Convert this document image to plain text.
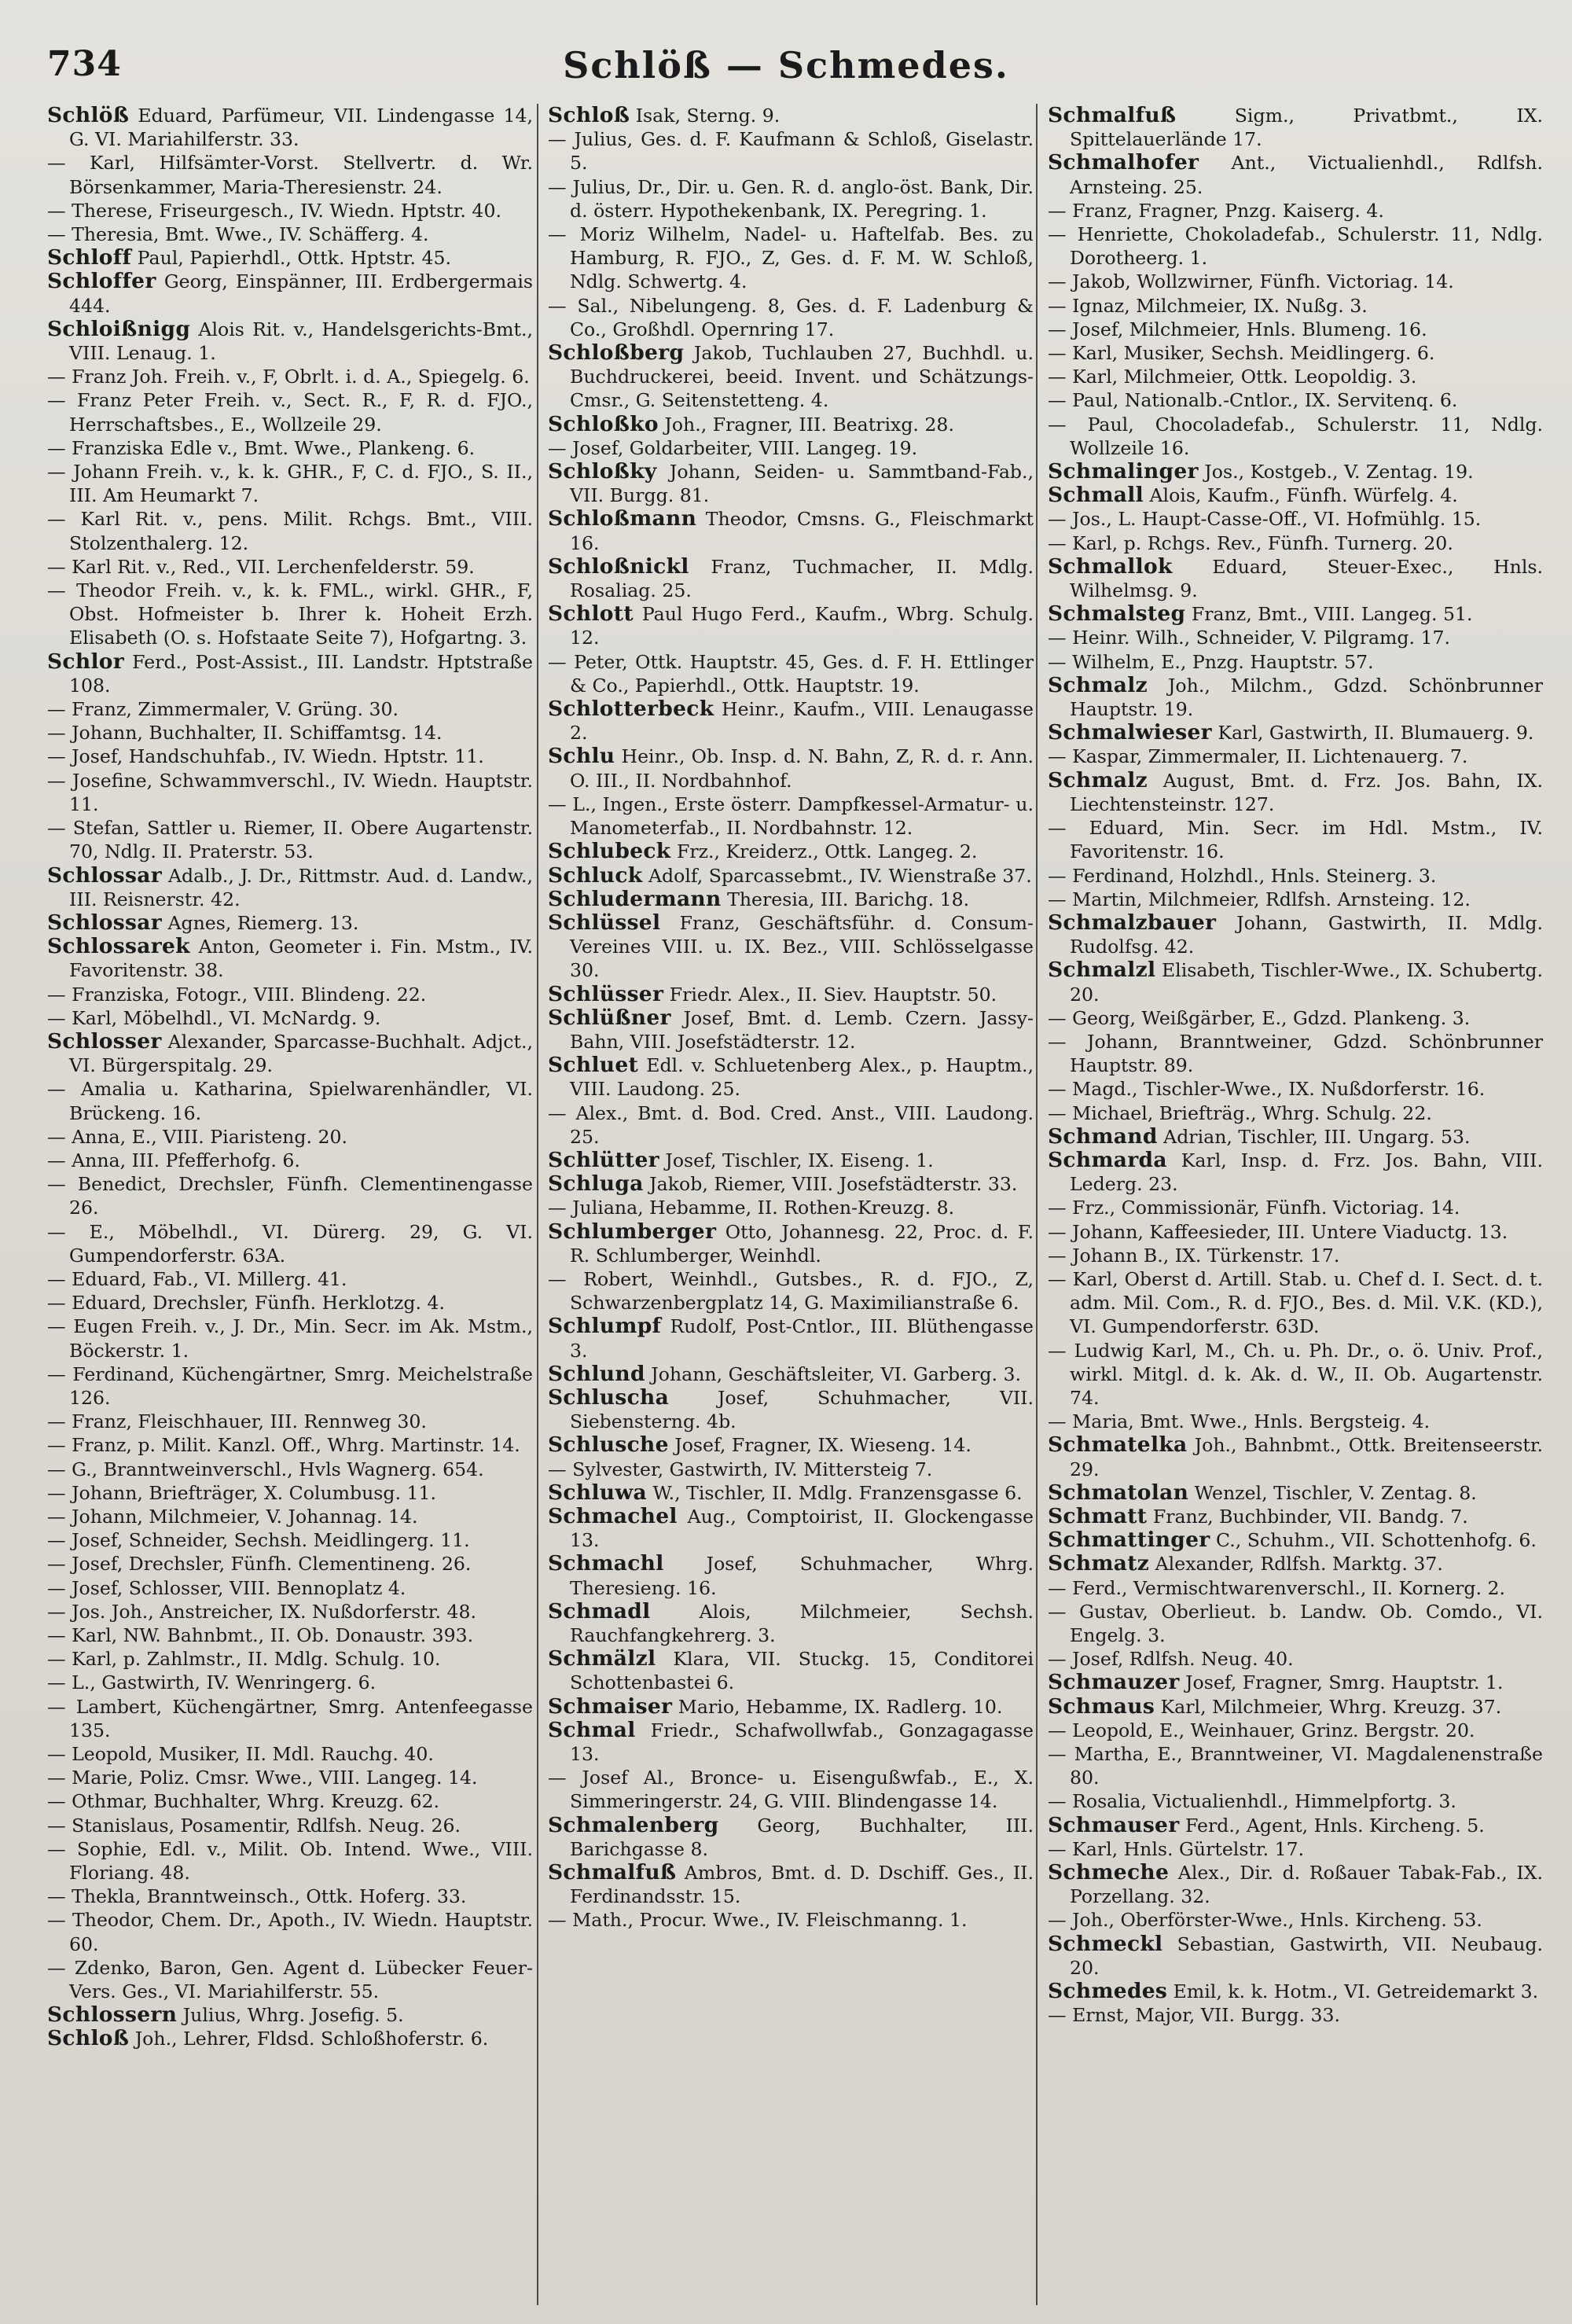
734	Schlöß — Schmedes.

Schlöß Eduard, Parfümeur, VII. Lindengasse 14, G. VI. Mariahilferstr. 33.

— Karl, Hilfsämter-Vorst. Stellvertr. d. Wr. Börsenkammer, Maria-Theresienstr. 24.

— Therese, Friseurgesch., IV. Wiedn. Hptstr. 40.

— Theresia, Bmt. Wwe., IV. Schäfferg. 4.

Schloff Paul, Papierhdl., Ottk. Hptstr. 45.

Schloffer Georg, Einspänner, III. Erdbergermais 444.

Schloißnigg Alois Rit. v., Handelsgerichts-Bmt., VIII. Lenaug. 1.

— Franz Joh. Freih. v., F, Obrlt. i. d. A., Spiegelg. 6.

— Franz Peter Freih. v., Sect. R., F, R. d. FJO., Herrschaftsbes., E., Wollzeile 29.

— Franziska Edle v., Bmt. Wwe., Plankeng. 6.

— Johann Freih. v., k. k. GHR., F, C. d. FJO., S. II., III. Am Heumarkt 7.

— Karl Rit. v., pens. Milit. Rchgs. Bmt., VIII. Stolzenthalerg. 12.

— Karl Rit. v., Red., VII. Lerchenfelderstr. 59.

— Theodor Freih. v., k. k. FML., wirkl. GHR., F, Obst. Hofmeister b. Ihrer k. Hoheit Erzh. Elisabeth (O. s. Hofstaate Seite 7), Hofgartng. 3.

Schlor Ferd., Post-Assist., III. Landstr. Hptstraße 108.

— Franz, Zimmermaler, V. Grüng. 30.

— Johann, Buchhalter, II. Schiffamtsg. 14.

— Josef, Handschuhfab., IV. Wiedn. Hptstr. 11.

— Josefine, Schwammverschl., IV. Wiedn. Hauptstr. 11.

— Stefan, Sattler u. Riemer, II. Obere Augartenstr. 70, Ndlg. II. Praterstr. 53.

Schlossar Adalb., J. Dr., Rittmstr. Aud. d. Landw., III. Reisnerstr. 42.

Schlossar Agnes, Riemerg. 13.

Schlossarek Anton, Geometer i. Fin. Mstm., IV. Favoritenstr. 38.

— Franziska, Fotogr., VIII. Blindeng. 22.

— Karl, Möbelhdl., VI. McNardg. 9.

Schlosser Alexander, Sparcasse-Buchhalt. Adjct., VI. Bürgerspitalg. 29.

— Amalia u. Katharina, Spielwarenhändler, VI. Brückeng. 16.

— Anna, E., VIII. Piaristeng. 20.

— Anna, III. Pfefferhofg. 6.

— Benedict, Drechsler, Fünfh. Clementinengasse 26.

— E., Möbelhdl., VI. Dürerg. 29, G. VI. Gumpendorferstr. 63A.

— Eduard, Fab., VI. Millerg. 41.

— Eduard, Drechsler, Fünfh. Herklotzg. 4.

— Eugen Freih. v., J. Dr., Min. Secr. im Ak. Mstm., Böckerstr. 1.

— Ferdinand, Küchengärtner, Smrg. Meichelstraße 126.

— Franz, Fleischhauer, III. Rennweg 30.

— Franz, p. Milit. Kanzl. Off., Whrg. Martinstr. 14.

— G., Branntweinverschl., Hvls Wagnerg. 654.

— Johann, Briefträger, X. Columbusg. 11.

— Johann, Milchmeier, V. Johannag. 14.

— Josef, Schneider, Sechsh. Meidlingerg. 11.

— Josef, Drechsler, Fünfh. Clementineng. 26.

— Josef, Schlosser, VIII. Bennoplatz 4.

— Jos. Joh., Anstreicher, IX. Nußdorferstr. 48.

— Karl, NW. Bahnbmt., II. Ob. Donaustr. 393.

— Karl, p. Zahlmstr., II. Mdlg. Schulg. 10.

— L., Gastwirth, IV. Wenringerg. 6.

— Lambert, Küchengärtner, Smrg. Antenfeegasse 135.

— Leopold, Musiker, II. Mdl. Rauchg. 40.

— Marie, Poliz. Cmsr. Wwe., VIII. Langeg. 14.

— Othmar, Buchhalter, Whrg. Kreuzg. 62.

— Stanislaus, Posamentir, Rdlfsh. Neug. 26.

— Sophie, Edl. v., Milit. Ob. Intend. Wwe., VIII. Floriang. 48.

— Thekla, Branntweinsch., Ottk. Hoferg. 33.

— Theodor, Chem. Dr., Apoth., IV. Wiedn. Hauptstr. 60.

— Zdenko, Baron, Gen. Agent d. Lübecker Feuer-Vers. Ges., VI. Mariahilferstr. 55.

Schlossern Julius, Whrg. Josefig. 5.

Schloß Joh., Lehrer, Fldsd. Schloßhoferstr. 6.

Schloß Isak, Sterng. 9.

— Julius, Ges. d. F. Kaufmann & Schloß, Giselastr. 5.

— Julius, Dr., Dir. u. Gen. R. d. anglo-öst. Bank, Dir. d. österr. Hypothekenbank, IX. Peregring. 1.

— Moriz Wilhelm, Nadel- u. Haftelfab. Bes. zu Hamburg, R. FJO., Z, Ges. d. F. M. W. Schloß, Ndlg. Schwertg. 4.

— Sal., Nibelungeng. 8, Ges. d. F. Ladenburg & Co., Großhdl. Opernring 17.

Schloßberg Jakob, Tuchlauben 27, Buchhdl. u. Buchdruckerei, beeid. Invent. und Schätzungs-Cmsr., G. Seitenstetteng. 4.

Schloßko Joh., Fragner, III. Beatrixg. 28.

— Josef, Goldarbeiter, VIII. Langeg. 19.

Schloßky Johann, Seiden- u. Sammtband-Fab., VII. Burgg. 81.

Schloßmann Theodor, Cmsns. G., Fleischmarkt 16.

Schloßnickl Franz, Tuchmacher, II. Mdlg. Rosaliag. 25.

Schlott Paul Hugo Ferd., Kaufm., Wbrg. Schulg. 12.

— Peter, Ottk. Hauptstr. 45, Ges. d. F. H. Ettlinger & Co., Papierhdl., Ottk. Hauptstr. 19.

Schlotterbeck Heinr., Kaufm., VIII. Lenaugasse 2.

Schlu Heinr., Ob. Insp. d. N. Bahn, Z, R. d. r. Ann. O. III., II. Nordbahnhof.

— L., Ingen., Erste österr. Dampfkessel-Armatur- u. Manometerfab., II. Nordbahnstr. 12.

Schlubeck Frz., Kreiderz., Ottk. Langeg. 2.

Schluck Adolf, Sparcassebmt., IV. Wienstraße 37.

Schludermann Theresia, III. Barichg. 18.

Schlüssel Franz, Geschäftsführ. d. Consum-Vereines VIII. u. IX. Bez., VIII. Schlösselgasse 30.

Schlüsser Friedr. Alex., II. Siev. Hauptstr. 50.

Schlüßner Josef, Bmt. d. Lemb. Czern. Jassy-Bahn, VIII. Josefstädterstr. 12.

Schluet Edl. v. Schluetenberg Alex., p. Hauptm., VIII. Laudong. 25.

— Alex., Bmt. d. Bod. Cred. Anst., VIII. Laudong. 25.

Schlütter Josef, Tischler, IX. Eiseng. 1.

Schluga Jakob, Riemer, VIII. Josefstädterstr. 33.

— Juliana, Hebamme, II. Rothen-Kreuzg. 8.

Schlumberger Otto, Johannesg. 22, Proc. d. F. R. Schlumberger, Weinhdl.

— Robert, Weinhdl., Gutsbes., R. d. FJO., Z, Schwarzenbergplatz 14, G. Maximilianstraße 6.

Schlumpf Rudolf, Post-Cntlor., III. Blüthengasse 3.

Schlund Johann, Geschäftsleiter, VI. Garberg. 3.

Schluscha Josef, Schuhmacher, VII. Siebensterng. 4b.

Schlusche Josef, Fragner, IX. Wieseng. 14.

— Sylvester, Gastwirth, IV. Mittersteig 7.

Schluwa W., Tischler, II. Mdlg. Franzensgasse 6.

Schmachel Aug., Comptoirist, II. Glockengasse 13.

Schmachl Josef, Schuhmacher, Whrg. Theresieng. 16.

Schmadl Alois, Milchmeier, Sechsh. Rauchfangkehrerg. 3.

Schmälzl Klara, VII. Stuckg. 15, Conditorei Schottenbastei 6.

Schmaiser Mario, Hebamme, IX. Radlerg. 10.

Schmal Friedr., Schafwollwfab., Gonzagagasse 13.

— Josef Al., Bronce- u. Eisengußwfab., E., X. Simmeringerstr. 24, G. VIII. Blindengasse 14.

Schmalenberg Georg, Buchhalter, III. Barichgasse 8.

Schmalfuß Ambros, Bmt. d. D. Dschiff. Ges., II. Ferdinandsstr. 15.

— Math., Procur. Wwe., IV. Fleischmanng. 1.

Schmalfuß Sigm., Privatbmt., IX. Spittelauerlände 17.

Schmalhofer Ant., Victualienhdl., Rdlfsh. Arnsteing. 25.

— Franz, Fragner, Pnzg. Kaiserg. 4.

— Henriette, Chokoladefab., Schulerstr. 11, Ndlg. Dorotheerg. 1.

— Jakob, Wollzwirner, Fünfh. Victoriag. 14.

— Ignaz, Milchmeier, IX. Nußg. 3.

— Josef, Milchmeier, Hnls. Blumeng. 16.

— Karl, Musiker, Sechsh. Meidlingerg. 6.

— Karl, Milchmeier, Ottk. Leopoldig. 3.

— Paul, Nationalb.-Cntlor., IX. Servitenq. 6.

— Paul, Chocoladefab., Schulerstr. 11, Ndlg. Wollzeile 16.

Schmalinger Jos., Kostgeb., V. Zentag. 19.

Schmall Alois, Kaufm., Fünfh. Würfelg. 4.

— Jos., L. Haupt-Casse-Off., VI. Hofmühlg. 15.

— Karl, p. Rchgs. Rev., Fünfh. Turnerg. 20.

Schmallok Eduard, Steuer-Exec., Hnls. Wilhelmsg. 9.

Schmalsteg Franz, Bmt., VIII. Langeg. 51.

— Heinr. Wilh., Schneider, V. Pilgramg. 17.

— Wilhelm, E., Pnzg. Hauptstr. 57.

Schmalz Joh., Milchm., Gdzd. Schönbrunner Hauptstr. 19.

Schmalwieser Karl, Gastwirth, II. Blumauerg. 9.

— Kaspar, Zimmermaler, II. Lichtenauerg. 7.

Schmalz August, Bmt. d. Frz. Jos. Bahn, IX. Liechtensteinstr. 127.

— Eduard, Min. Secr. im Hdl. Mstm., IV. Favoritenstr. 16.

— Ferdinand, Holzhdl., Hnls. Steinerg. 3.

— Martin, Milchmeier, Rdlfsh. Arnsteing. 12.

Schmalzbauer Johann, Gastwirth, II. Mdlg. Rudolfsg. 42.

Schmalzl Elisabeth, Tischler-Wwe., IX. Schubertg. 20.

— Georg, Weißgärber, E., Gdzd. Plankeng. 3.

— Johann, Branntweiner, Gdzd. Schönbrunner Hauptstr. 89.

— Magd., Tischler-Wwe., IX. Nußdorferstr. 16.

— Michael, Briefträg., Whrg. Schulg. 22.

Schmand Adrian, Tischler, III. Ungarg. 53.

Schmarda Karl, Insp. d. Frz. Jos. Bahn, VIII. Lederg. 23.

— Frz., Commissionär, Fünfh. Victoriag. 14.

— Johann, Kaffeesieder, III. Untere Viaductg. 13.

— Johann B., IX. Türkenstr. 17.

— Karl, Oberst d. Artill. Stab. u. Chef d. I. Sect. d. t. adm. Mil. Com., R. d. FJO., Bes. d. Mil. V.K. (KD.), VI. Gumpendorferstr. 63D.

— Ludwig Karl, M., Ch. u. Ph. Dr., o. ö. Univ. Prof., wirkl. Mitgl. d. k. Ak. d. W., II. Ob. Augartenstr. 74.

— Maria, Bmt. Wwe., Hnls. Bergsteig. 4.

Schmatelka Joh., Bahnbmt., Ottk. Breitenseerstr. 29.

Schmatolan Wenzel, Tischler, V. Zentag. 8.

Schmatt Franz, Buchbinder, VII. Bandg. 7.

Schmattinger C., Schuhm., VII. Schottenhofg. 6.

Schmatz Alexander, Rdlfsh. Marktg. 37.

— Ferd., Vermischtwarenverschl., II. Kornerg. 2.

— Gustav, Oberlieut. b. Landw. Ob. Comdo., VI. Engelg. 3.

— Josef, Rdlfsh. Neug. 40.

Schmauzer Josef, Fragner, Smrg. Hauptstr. 1.

Schmaus Karl, Milchmeier, Whrg. Kreuzg. 37.

— Leopold, E., Weinhauer, Grinz. Bergstr. 20.

— Martha, E., Branntweiner, VI. Magdalenenstraße 80.

— Rosalia, Victualienhdl., Himmelpfortg. 3.

Schmauser Ferd., Agent, Hnls. Kircheng. 5.

— Karl, Hnls. Gürtelstr. 17.

Schmeche Alex., Dir. d. Roßauer Tabak-Fab., IX. Porzellang. 32.

— Joh., Oberförster-Wwe., Hnls. Kircheng. 53.

Schmeckl Sebastian, Gastwirth, VII. Neubaug. 20.

Schmedes Emil, k. k. Hotm., VI. Getreidemarkt 3.

— Ernst, Major, VII. Burgg. 33.
